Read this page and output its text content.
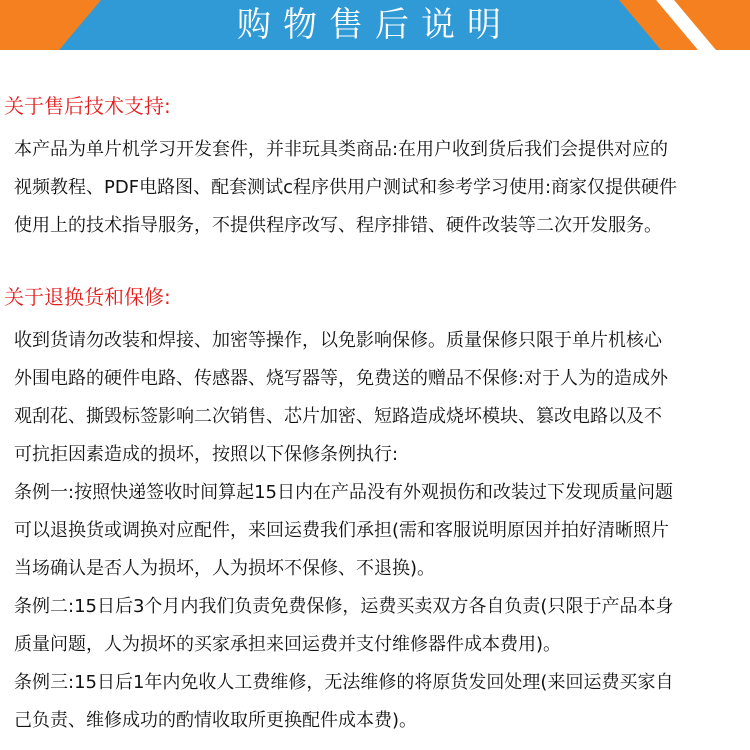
购物售后说明
关于售后技术支持:
本产品为单片机学习开发套件，并非玩具类商品:在用户收到货后我们会提供对应的
视频教程、PDF电路图、配套测试c程序供用户测试和参考学习使用:商家仅提供硬件
使用上的技术指导服务，不提供程序改写、程序排错、硬件改装等二次开发服务。
关于退换货和保修:
收到货请勿改装和焊接、加密等操作，以免影响保修。质量保修只限于单片机核心
外围电路的硬件电路、传感器、烧写器等，免费送的赠品不保修:对于人为的造成外
观刮花、撕毁标签影响二次销售、芯片加密、短路造成烧坏模块、篡改电路以及不
可抗拒因素造成的损坏，按照以下保修条例执行:
条例一:按照快递签收时间算起15日内在产品没有外观损伤和改装过下发现质量问题
可以退换货或调换对应配件，来回运费我们承担(需和客服说明原因并拍好清晰照片
当场确认是否人为损坏，人为损坏不保修、不退换)。
条例二:15日后3个月内我们负责免费保修，运费买卖双方各自负责(只限于产品本身
质量问题，人为损坏的买家承担来回运费并支付维修器件成本费用)。
条例三:15日后1年内免收人工费维修，无法维修的将原货发回处理(来回运费买家自
己负责、维修成功的酌情收取所更换配件成本费)。
